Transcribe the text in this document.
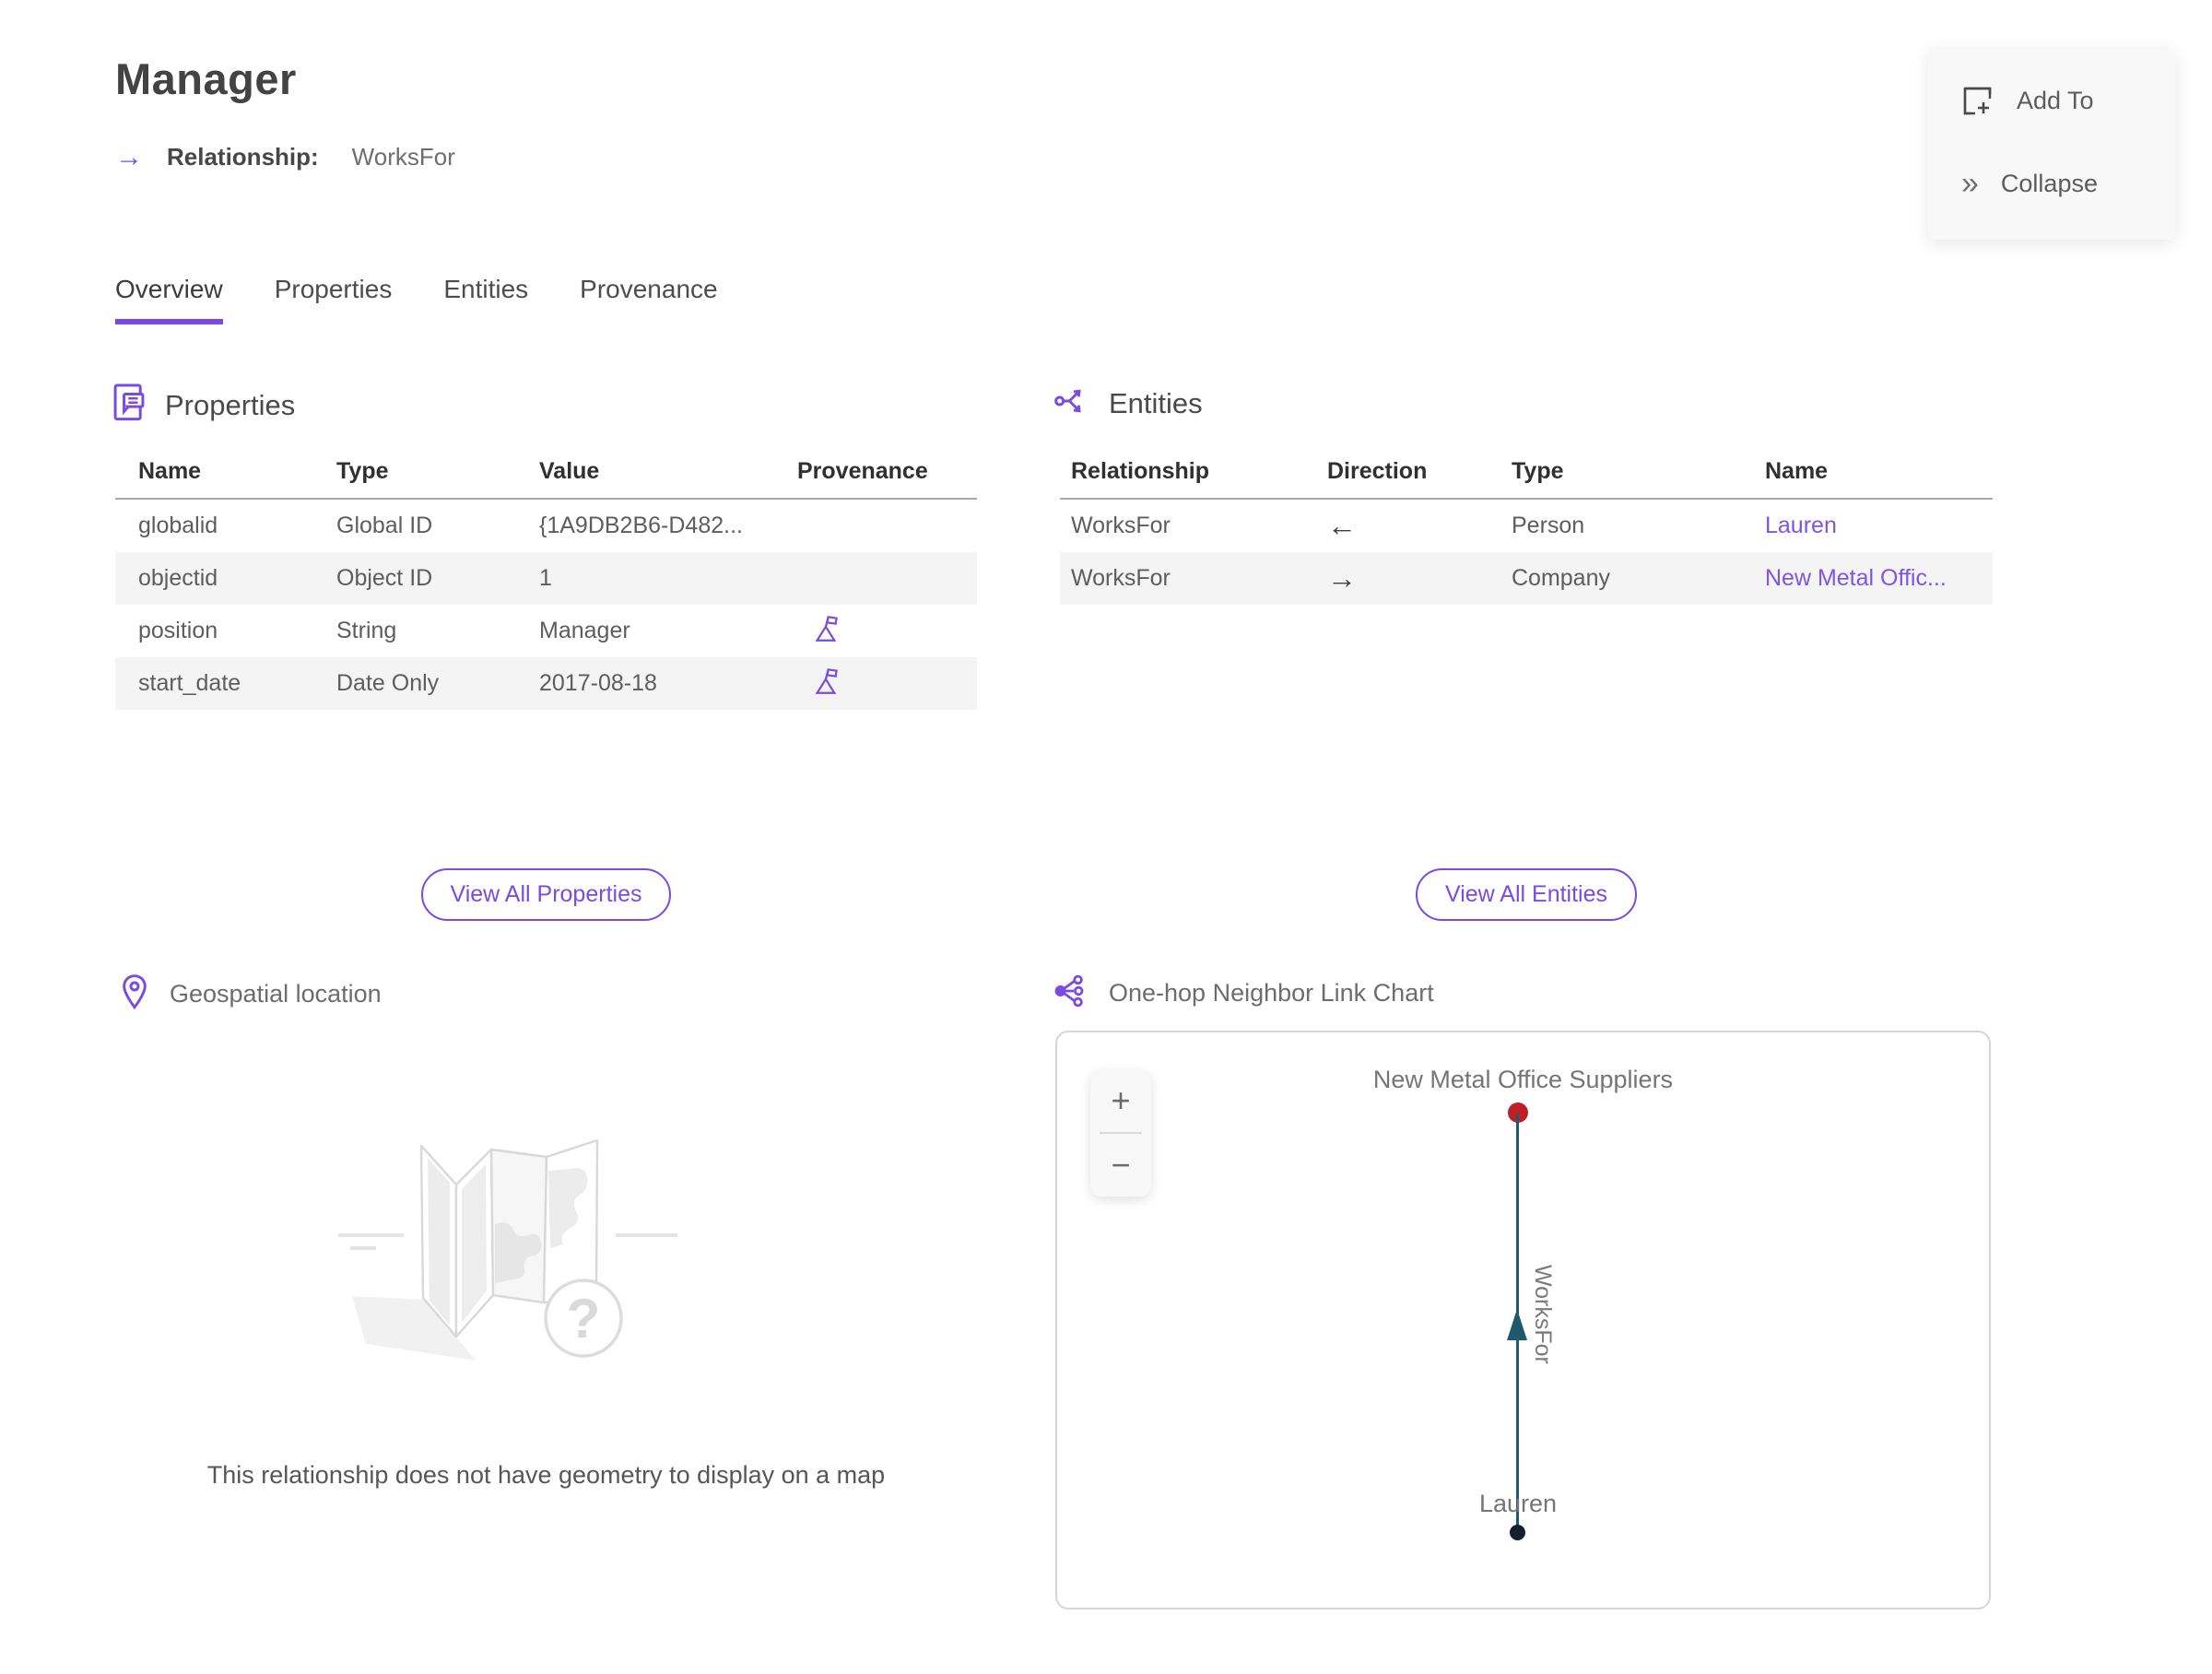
Manager
→ Relationship: WorksFor
Add To
» Collapse
Overview Properties Entities Provenance
Properties
Name	Type	Value	Provenance
globalid	Global ID	{1A9DB2B6-D482...
objectid	Object ID	1
position	String	Manager
start_date	Date Only	2017-08-18
Entities
Relationship	Direction	Type	Name
WorksFor	←	Person	Lauren
WorksFor	→	Company	New Metal Offic...
View All Properties	View All Entities
Geospatial location
?
This relationship does not have geometry to display on a map
One-hop Neighbor Link Chart
+
−
New Metal Office Suppliers
WorksFor
Lauren
